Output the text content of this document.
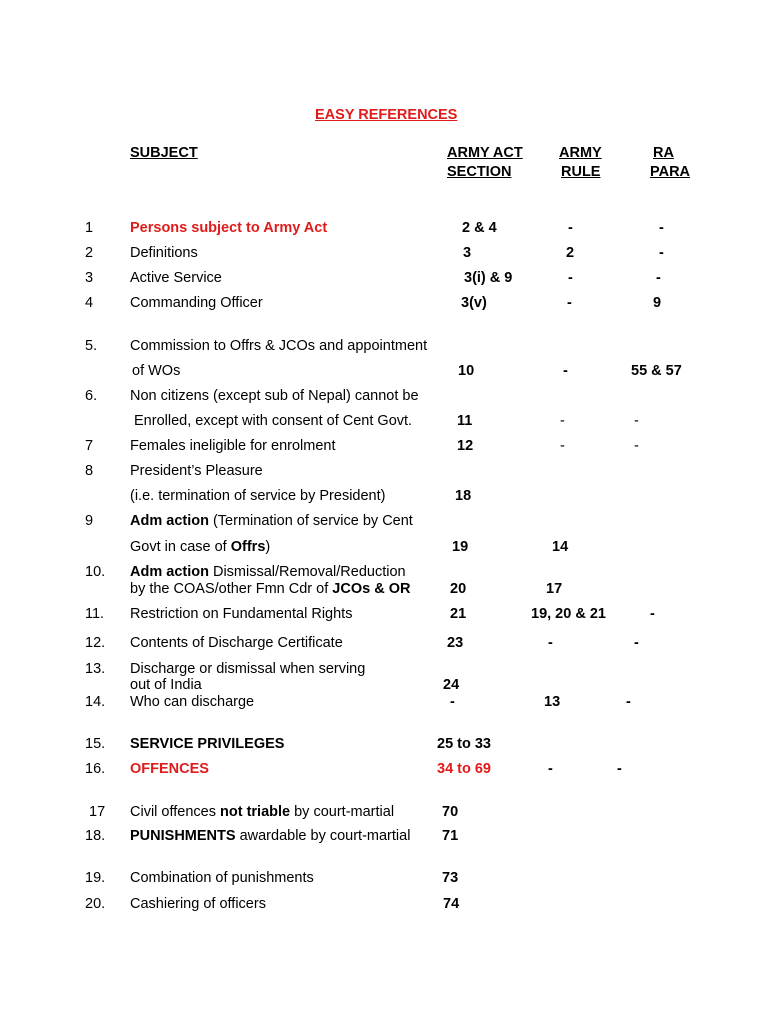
EASY REFERENCES
SUBJECT	ARMY ACT
SECTION
ARMY
RULE
RA
PARA
1	Persons subject to Army Act	2 & 4	-	-
2	Definitions	3	2	-
3	Active Service	3(i) & 9	-	-
4	Commanding Officer	3(v)	-	9
5. Commission to Offrs & JCOs and appointment
of WOs	10	-	55 & 57
6. Non citizens (except sub of Nepal) cannot be
Enrolled, except with consent of Cent Govt.	11	-	-
7	Females ineligible for enrolment	12	-	-
8	President’s Pleasure
(i.e. termination of service by President)	18
9	Adm action (Termination of service by Cent
Govt in case of Offrs)	19	14
10. Adm action Dismissal/Removal/Reduction
by the COAS/other Fmn Cdr of JCOs & OR	20	17
11. Restriction on Fundamental Rights	21	19, 20 & 21	-
12. Contents of Discharge Certificate	23	-	-
13. Discharge or dismissal when serving
out of India	24
14. Who can discharge	-	13	-
15. SERVICE PRIVILEGES	25 to 33
16. OFFENCES	34 to 69	-	-
17 Civil offences not triable by court-martial	70
18. PUNISHMENTS awardable by court-martial 71
19. Combination of punishments	73
20. Cashiering of officers	74
